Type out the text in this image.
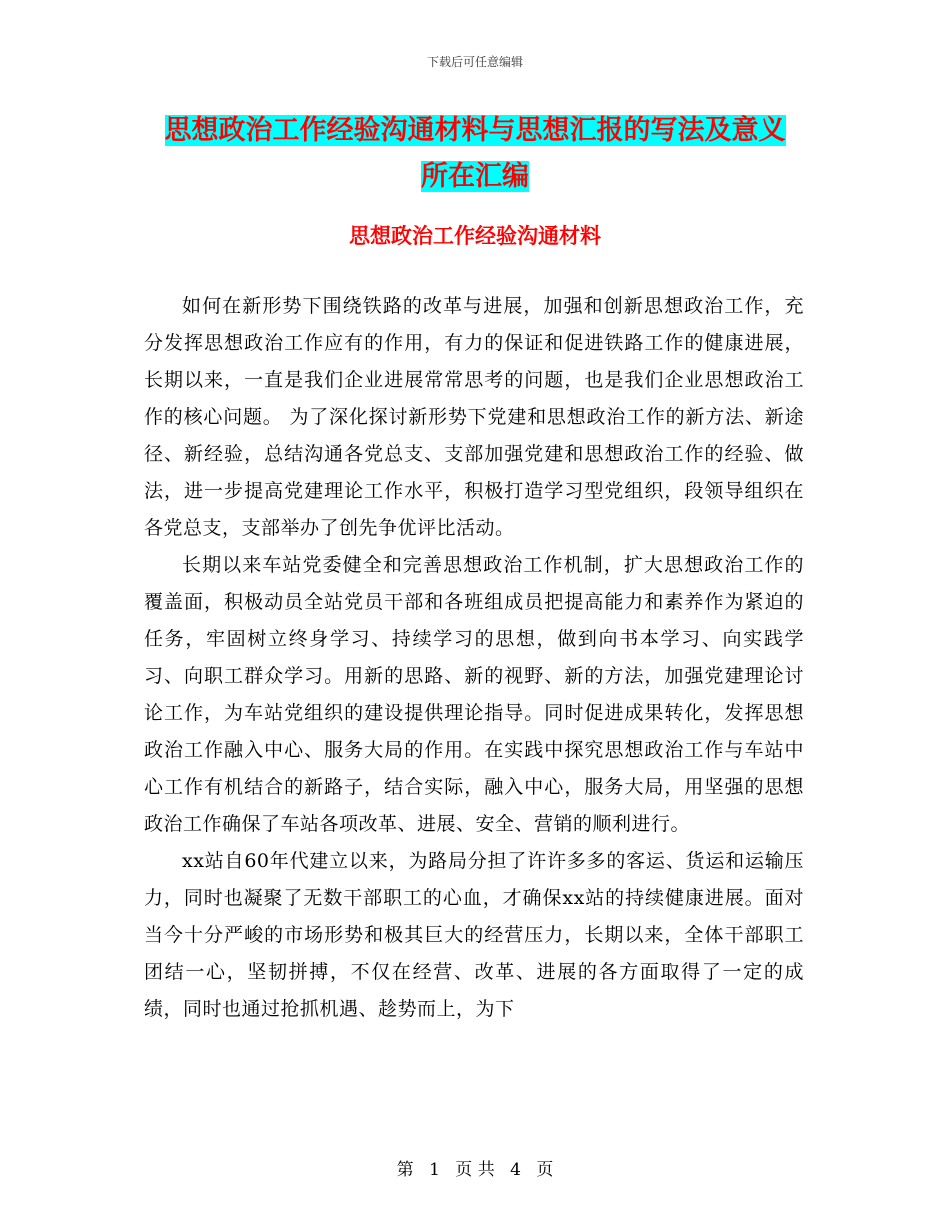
下载后可任意编辑
思想政治工作经验沟通材料与思想汇报的写法及意义
所在汇编
思想政治工作经验沟通材料

如何在新形势下围绕铁路的改革与进展，加强和创新思想政治工作，充分发挥思想政治工作应有的作用，有力的保证和促进铁路工作的健康进展，长期以来，一直是我们企业进展常常思考的问题，也是我们企业思想政治工作的核心问题。 为了深化探讨新形势下党建和思想政治工作的新方法、新途径、新经验，总结沟通各党总支、支部加强党建和思想政治工作的经验、做法，进一步提高党建理论工作水平，积极打造学习型党组织，段领导组织在各党总支，支部举办了创先争优评比活动。

长期以来车站党委健全和完善思想政治工作机制，扩大思想政治工作的覆盖面，积极动员全站党员干部和各班组成员把提高能力和素养作为紧迫的任务，牢固树立终身学习、持续学习的思想，做到向书本学习、向实践学习、向职工群众学习。用新的思路、新的视野、新的方法，加强党建理论讨论工作，为车站党组织的建设提供理论指导。同时促进成果转化，发挥思想政治工作融入中心、服务大局的作用。在实践中探究思想政治工作与车站中心工作有机结合的新路子，结合实际，融入中心，服务大局，用坚强的思想政治工作确保了车站各项改革、进展、安全、营销的顺利进行。

xx站自60年代建立以来，为路局分担了许许多多的客运、货运和运输压力，同时也凝聚了无数干部职工的心血，才确保xx站的持续健康进展。面对当今十分严峻的市场形势和极其巨大的经营压力，长期以来，全体干部职工团结一心，坚韧拼搏，不仅在经营、改革、进展的各方面取得了一定的成绩，同时也通过抢抓机遇、趁势而上，为下

第 1 页 共 4 页
